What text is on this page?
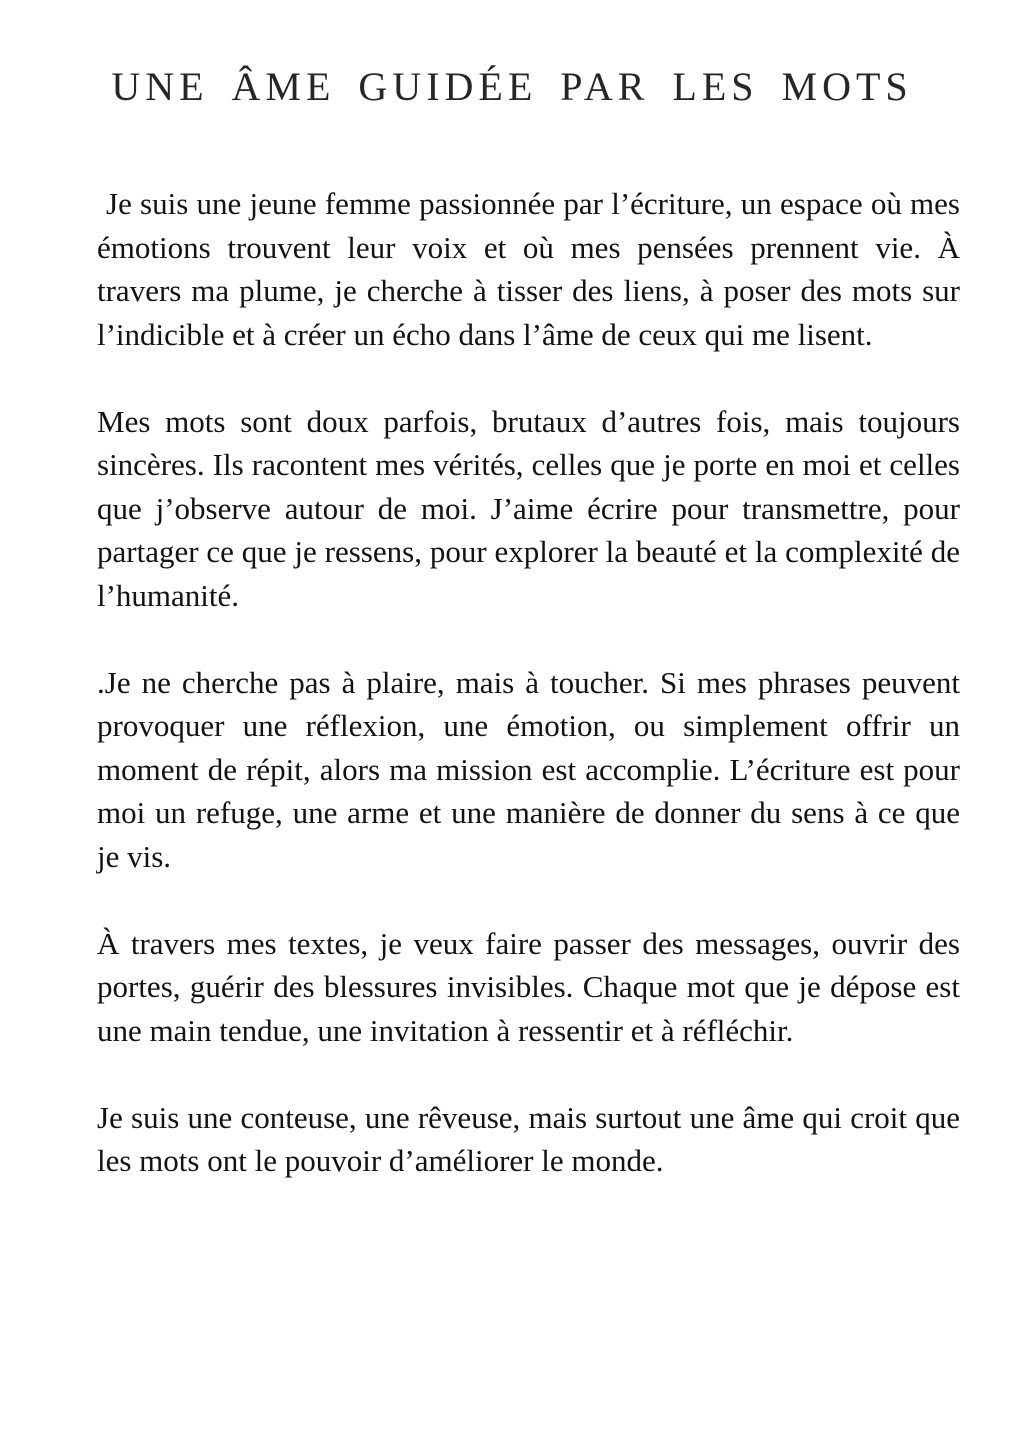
UNE ÂME GUIDÉE PAR LES MOTS

Je suis une jeune femme passionnée par l’écriture, un espace où mes émotions trouvent leur voix et où mes pensées prennent vie. À travers ma plume, je cherche à tisser des liens, à poser des mots sur l’indicible et à créer un écho dans l’âme de ceux qui me lisent.

Mes mots sont doux parfois, brutaux d’autres fois, mais toujours sincères. Ils racontent mes vérités, celles que je porte en moi et celles que j’observe autour de moi. J’aime écrire pour transmettre, pour partager ce que je ressens, pour explorer la beauté et la complexité de l’humanité.

.Je ne cherche pas à plaire, mais à toucher. Si mes phrases peuvent provoquer une réflexion, une émotion, ou simplement offrir un moment de répit, alors ma mission est accomplie. L’écriture est pour moi un refuge, une arme et une manière de donner du sens à ce que je vis.

À travers mes textes, je veux faire passer des messages, ouvrir des portes, guérir des blessures invisibles. Chaque mot que je dépose est une main tendue, une invitation à ressentir et à réfléchir.

Je suis une conteuse, une rêveuse, mais surtout une âme qui croit que les mots ont le pouvoir d’améliorer le monde.
